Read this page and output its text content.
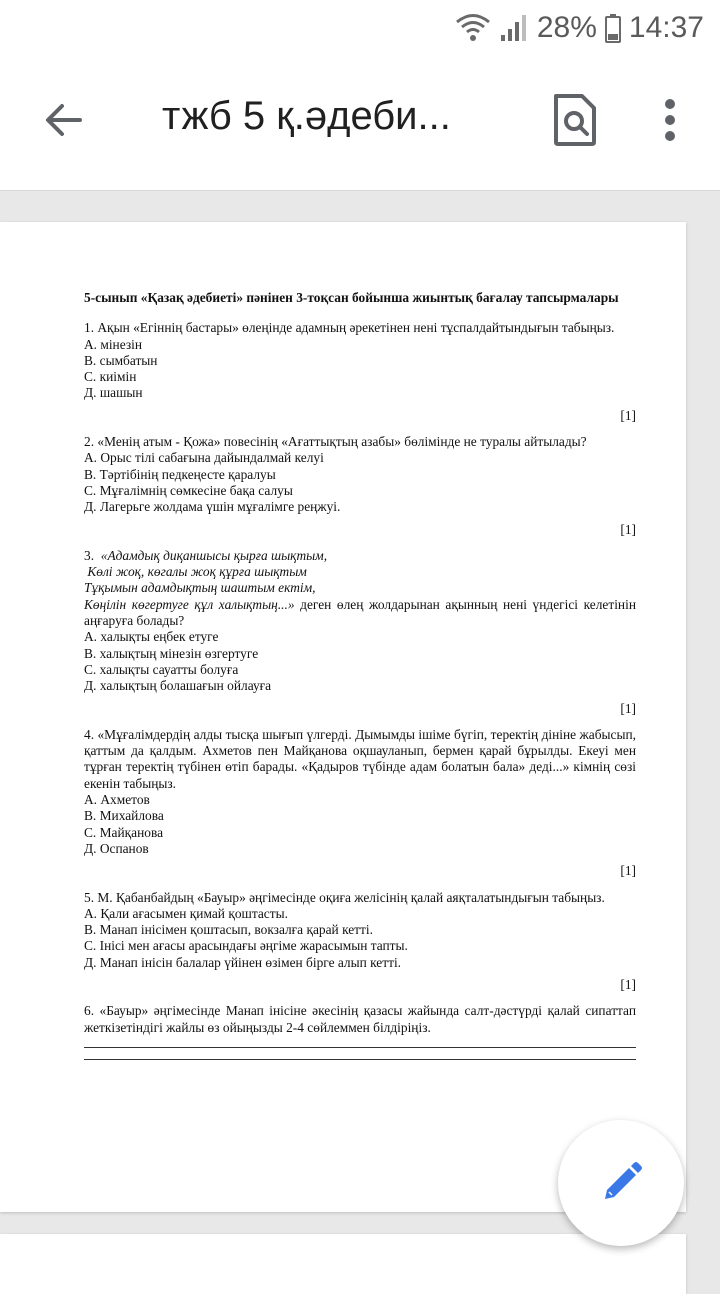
28% 14:37
тжб 5 қ.әдеби...

5-сынып «Қазақ әдебиеті» пәнінен 3-тоқсан бойынша жиынтық бағалау тапсырмалары

1. Ақын «Егіннің бастары» өлеңінде адамның әрекетінен нені тұспалдайтындығын табыңыз.

А. мінезін

В. сымбатын

С. киімін

Д. шашын

[1]

2. «Менің атым - Қожа» повесінің «Ағаттықтың азабы» бөлімінде не туралы айтылады?

А. Орыс тілі сабағына дайындалмай келуі

В. Тәртібінің педкеңесте қаралуы

С. Мұғалімнің сөмкесіне бақа салуы

Д. Лагерьге жолдама үшін мұғалімге реңжуі.

[1]

3. «Адамдық диқаншысы қырға шықтым,

Көлі жоқ, көгалы жоқ құрға шықтым

Тұқымын адамдықтың шаштым ектім,

Көңілін көгертуге құл халықтың...» деген өлең жолдарынан ақынның нені үндегісі келетінін аңғаруға болады?

А. халықты еңбек етуге

В. халықтың мінезін өзгертуге

С. халықты сауатты болуға

Д. халықтың болашағын ойлауға

[1]

4. «Мұғалімдердің алды тысқа шығып үлгерді. Дымымды ішіме бүгіп, теректің дініне жабысып, қаттым да қалдым. Ахметов пен Майқанова оқшауланып, бермен қарай бұрылды. Екеуі мен тұрған теректің түбінен өтіп барады. «Қадыров түбінде адам болатын бала» деді...» кімнің сөзі екенін табыңыз.

А. Ахметов

В. Михайлова

С. Майқанова

Д. Оспанов

[1]

5. М. Қабанбайдың «Бауыр» әңгімесінде оқиға желісінің қалай аяқталатындығын табыңыз.

А. Қали ағасымен қимай қоштасты.

В. Манап інісімен қоштасып, вокзалға қарай кетті.

С. Інісі мен ағасы арасындағы әңгіме жарасымын тапты.

Д. Манап інісін балалар үйінен өзімен бірге алып кетті.

[1]

6. «Бауыр» әңгімесінде Манап інісіне әкесінің қазасы жайында салт-дәстүрді қалай сипаттап жеткізетіндігі жайлы өз ойыңызды 2-4 сөйлеммен білдіріңіз.
